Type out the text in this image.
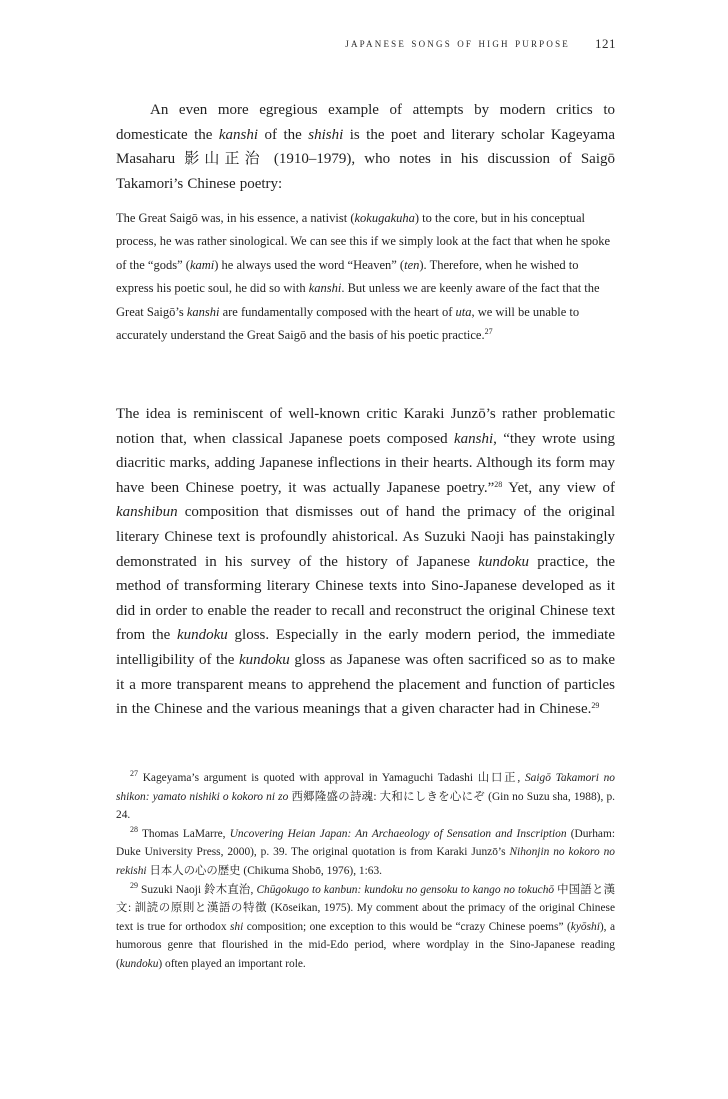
japanese songs of high purpose 121

An even more egregious example of attempts by modern critics to domesticate the kanshi of the shishi is the poet and literary scholar Kageyama Masaharu 影山正治 (1910–1979), who notes in his discussion of Saigō Takamori’s Chinese poetry:

The Great Saigō was, in his essence, a nativist (kokugakuha) to the core, but in his conceptual process, he was rather sinological. We can see this if we simply look at the fact that when he spoke of the “gods” (kami) he always used the word “Heaven” (ten). Therefore, when he wished to express his poetic soul, he did so with kanshi. But unless we are keenly aware of the fact that the Great Saigō’s kanshi are fundamentally composed with the heart of uta, we will be unable to accurately understand the Great Saigō and the basis of his poetic practice.$^{27}$

The idea is reminiscent of well-known critic Karaki Junzō’s rather problematic notion that, when classical Japanese poets composed kanshi, “they wrote using diacritic marks, adding Japanese inflections in their hearts. Although its form may have been Chinese poetry, it was actually Japanese poetry.”$^{28}$ Yet, any view of kanshibun composition that dismisses out of hand the primacy of the original literary Chinese text is profoundly ahistorical. As Suzuki Naoji has painstakingly demonstrated in his survey of the history of Japanese kundoku practice, the method of transforming literary Chinese texts into Sino-Japanese developed as it did in order to enable the reader to recall and reconstruct the original Chinese text from the kundoku gloss. Especially in the early modern period, the immediate intelligibility of the kundoku gloss as Japanese was often sacrificed so as to make it a more transparent means to apprehend the placement and function of particles in the Chinese and the various meanings that a given character had in Chinese.$^{29}$

$^{27}$ Kageyama’s argument is quoted with approval in Yamaguchi Tadashi 山口正, Saigō Takamori no shikon: yamato nishiki o kokoro ni zo 西郷隆盛の詩魂: 大和にしきを心にぞ (Gin no Suzu sha, 1988), p. 24.

$^{28}$ Thomas LaMarre, Uncovering Heian Japan: An Archaeology of Sensation and Inscription (Durham: Duke University Press, 2000), p. 39. The original quotation is from Karaki Junzō’s Nihonjin no kokoro no rekishi 日本人の心の歴史 (Chikuma Shobō, 1976), 1:63.

$^{29}$ Suzuki Naoji 鈴木直治, Chūgokugo to kanbun: kundoku no gensoku to kango no tokuchō 中国語と漢文: 訓読の原則と漢語の特徴 (Kōseikan, 1975). My comment about the primacy of the original Chinese text is true for orthodox shi composition; one exception to this would be “crazy Chinese poems” (kyōshi), a humorous genre that flourished in the mid-Edo period, where wordplay in the Sino-Japanese reading (kundoku) often played an important role.
